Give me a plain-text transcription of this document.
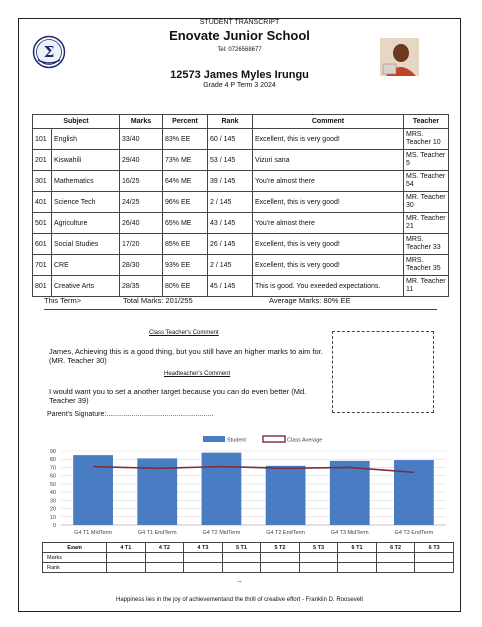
Σ
STUDENT TRANSCRIPT
Enovate Junior School
Tel: 0726568677
12573 James Myles Irungu
Grade 4 P Term 3 2024
Subject		Marks	Percent	Rank	Comment	Teacher
101	English	33/40	83% EE	60 / 145	Excellent, this is very good!	MRS. Teacher 10
201	Kiswahili	29/40	73% ME	53 / 145	Vizuri sana	MS. Teacher 5
301	Mathematics	16/25	64% ME	39 / 145	You're almost there	MS. Teacher 54
401	Science Tech	24/25	96% EE	2 / 145	Excellent, this is very good!	MR. Teacher 30
501	Agriculture	26/40	65% ME	43 / 145	You're almost there	MR. Teacher 21
601	Social Studies	17/20	85% EE	26 / 145	Excellent, this is very good!	MRS. Teacher 33
701	CRE	28/30	93% EE	2 / 145	Excellent, this is very good!	MRS. Teacher 35
801	Creative Arts	28/35	80% EE	45 / 145	This is good. You exeeded expectations.	MR. Teacher 11
This Term>	Total Marks: 201/255	Average Marks: 80% EE
Class Teacher's Comment
James, Achieving this is a good thing, but you still have an higher marks to aim for. (MR. Teacher 30)
Headteacher's Comment
I would want you to set a another target because you can do even better (Md. Teacher 39)
Parent's Signature:.......................................................
0
10
20
30
40
50
60
70
80
90
G4 T1 MidTerm	G4 T1 EndTerm	G4 T2 MidTerm	G4 T2 EndTerm	G4 T3 MidTerm	G4 T3 EndTerm
Student	Class Average
Exam	4 T1	4 T2	4 T3	5 T1	5 T2	5 T3	6 T1	6 T2	6 T3
Marks									
Rank									
--
Happiness lies in the joy of achievementand the thrill of creative effort - Franklin D. Roosevelt
